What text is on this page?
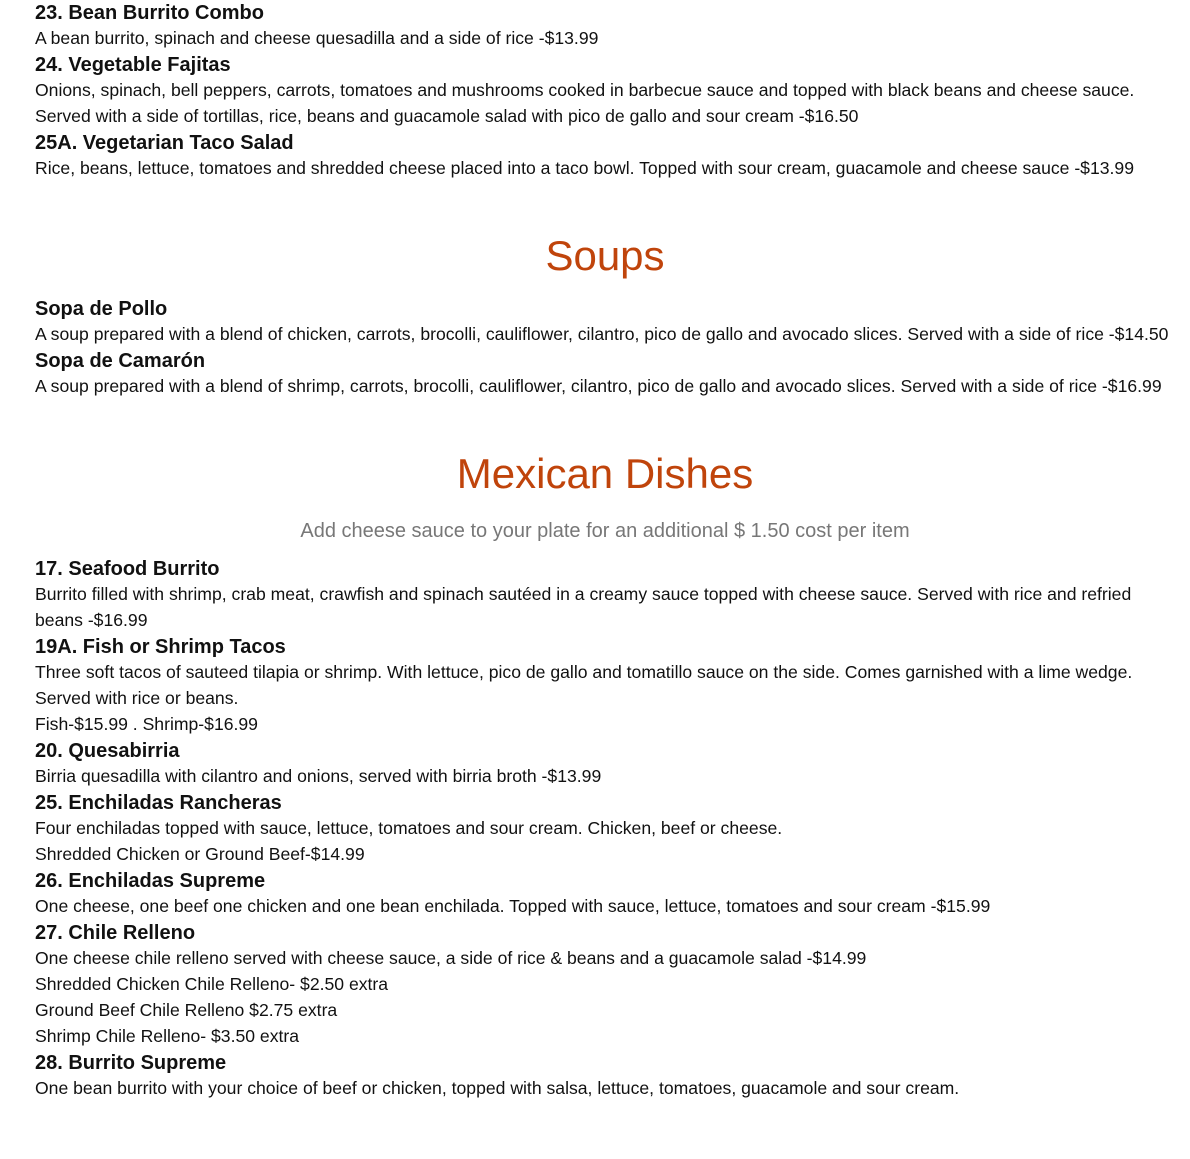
23. Bean Burrito Combo
A bean burrito, spinach and cheese quesadilla and a side of rice -$13.99
24. Vegetable Fajitas
Onions, spinach, bell peppers, carrots, tomatoes and mushrooms cooked in barbecue sauce and topped with black beans and cheese sauce. Served with a side of tortillas, rice, beans and guacamole salad with pico de gallo and sour cream -$16.50
25A. Vegetarian Taco Salad
Rice, beans, lettuce, tomatoes and shredded cheese placed into a taco bowl. Topped with sour cream, guacamole and cheese sauce -$13.99
Soups
Sopa de Pollo
A soup prepared with a blend of chicken, carrots, brocolli, cauliflower, cilantro, pico de gallo and avocado slices. Served with a side of rice -$14.50
Sopa de Camarón
A soup prepared with a blend of shrimp, carrots, brocolli, cauliflower, cilantro, pico de gallo and avocado slices. Served with a side of rice -$16.99
Mexican Dishes

Add cheese sauce to your plate for an additional $ 1.50 cost per item

17. Seafood Burrito
Burrito filled with shrimp, crab meat, crawfish and spinach sautéed in a creamy sauce topped with cheese sauce. Served with rice and refried beans -$16.99
19A. Fish or Shrimp Tacos
Three soft tacos of sauteed tilapia or shrimp. With lettuce, pico de gallo and tomatillo sauce on the side. Comes garnished with a lime wedge. Served with rice or beans.
Fish-$15.99 . Shrimp-$16.99
20. Quesabirria
Birria quesadilla with cilantro and onions, served with birria broth -$13.99
25. Enchiladas Rancheras
Four enchiladas topped with sauce, lettuce, tomatoes and sour cream. Chicken, beef or cheese.
Shredded Chicken or Ground Beef-$14.99
26. Enchiladas Supreme
One cheese, one beef one chicken and one bean enchilada. Topped with sauce, lettuce, tomatoes and sour cream -$15.99
27. Chile Relleno
One cheese chile relleno served with cheese sauce, a side of rice & beans and a guacamole salad -$14.99
Shredded Chicken Chile Relleno- $2.50 extra
Ground Beef Chile Relleno $2.75 extra
Shrimp Chile Relleno- $3.50 extra
28. Burrito Supreme
One bean burrito with your choice of beef or chicken, topped with salsa, lettuce, tomatoes, guacamole and sour cream.
